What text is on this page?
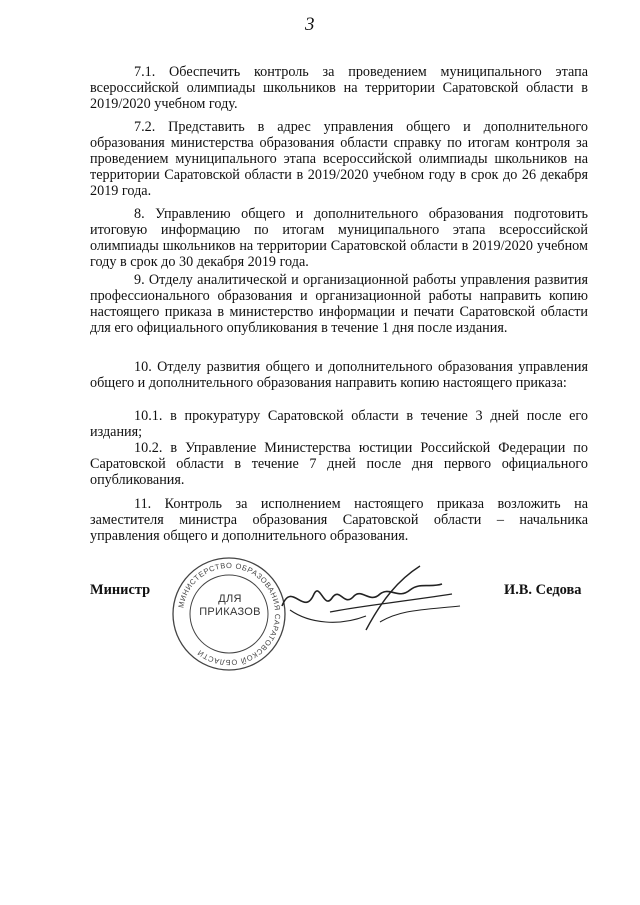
3

7.1. Обеспечить контроль за проведением муниципального этапа всероссийской олимпиады школьников на территории Саратовской области в 2019/2020 учебном году.

7.2. Представить в адрес управления общего и дополнительного образования министерства образования области справку по итогам контроля за проведением муниципального этапа всероссийской олимпиады школьников на территории Саратовской области в 2019/2020 учебном году в срок до 26 декабря 2019 года.

8. Управлению общего и дополнительного образования подготовить итоговую информацию по итогам муниципального этапа всероссийской олимпиады школьников на территории Саратовской области в 2019/2020 учебном году в срок до 30 декабря 2019 года.

9. Отделу аналитической и организационной работы управления развития профессионального образования и организационной работы направить копию настоящего приказа в министерство информации и печати Саратовской области для его официального опубликования в течение 1 дня после издания.

10. Отделу развития общего и дополнительного образования управления общего и дополнительного образования направить копию настоящего приказа:

10.1. в прокуратуру Саратовской области в течение 3 дней после его издания;

10.2. в Управление Министерства юстиции Российской Федерации по Саратовской области в течение 7 дней после дня первого официального опубликования.

11. Контроль за исполнением настоящего приказа возложить на заместителя министра образования Саратовской области – начальника управления общего и дополнительного образования.

Министр
МИНИСТЕРСТВО ОБРАЗОВАНИЯ САРАТОВСКОЙ ОБЛАСТИ
ДЛЯ
ПРИКАЗОВ
И.В. Седова
